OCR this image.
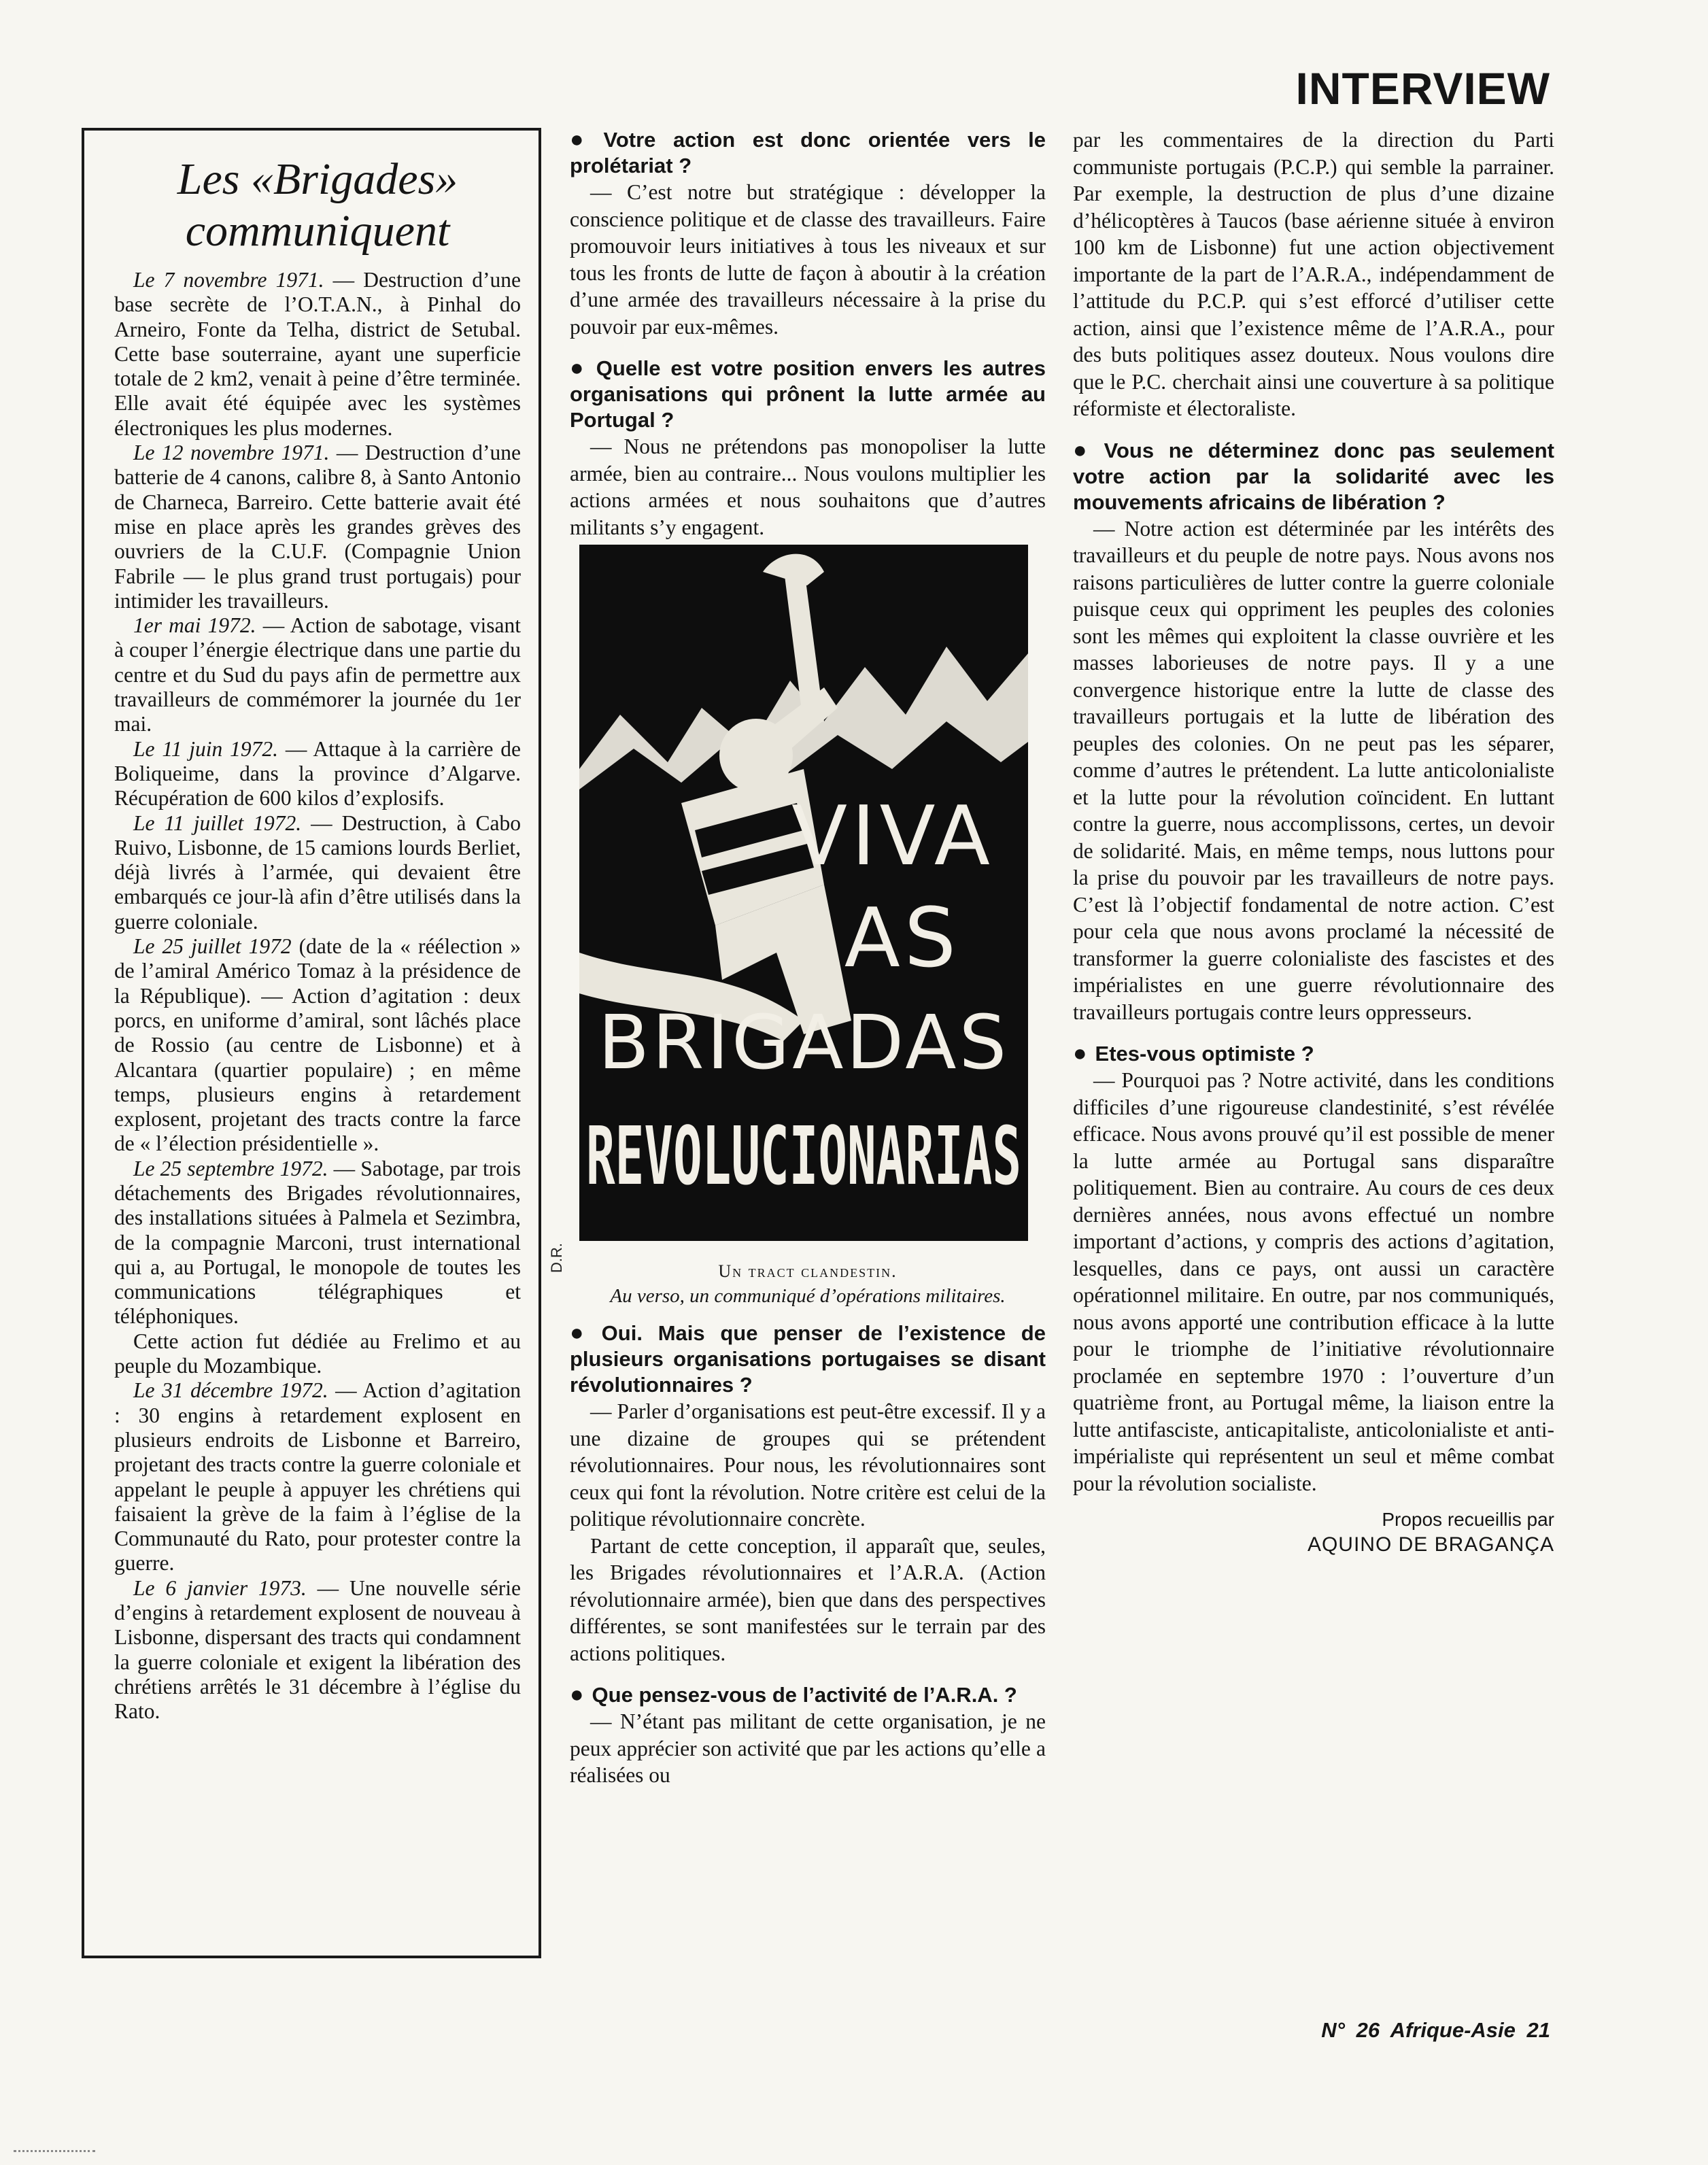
INTERVIEW
Les «Brigades»
communiquent

Le 7 novembre 1971. — Destruction d’une base secrète de l’O.T.A.N., à Pinhal do Arneiro, Fonte da Telha, district de Setubal. Cette base souterraine, ayant une superficie totale de 2 km2, venait à peine d’être terminée. Elle avait été équipée avec les systèmes électroniques les plus modernes.

Le 12 novembre 1971. — Destruction d’une batterie de 4 canons, calibre 8, à Santo Antonio de Charneca, Barreiro. Cette batterie avait été mise en place après les grandes grèves des ouvriers de la C.U.F. (Compagnie Union Fabrile — le plus grand trust portugais) pour intimider les travailleurs.

1er mai 1972. — Action de sabotage, visant à couper l’énergie électrique dans une partie du centre et du Sud du pays afin de permettre aux travailleurs de commémorer la journée du 1er mai.

Le 11 juin 1972. — Attaque à la carrière de Boliqueime, dans la province d’Algarve. Récupération de 600 kilos d’explosifs.

Le 11 juillet 1972. — Destruction, à Cabo Ruivo, Lisbonne, de 15 camions lourds Berliet, déjà livrés à l’armée, qui devaient être embarqués ce jour-là afin d’être utilisés dans la guerre coloniale.

Le 25 juillet 1972 (date de la « réélection » de l’amiral Américo Tomaz à la présidence de la République). — Action d’agitation : deux porcs, en uniforme d’amiral, sont lâchés place de Rossio (au centre de Lisbonne) et à Alcantara (quartier populaire) ; en même temps, plusieurs engins à retardement explosent, projetant des tracts contre la farce de « l’élection présidentielle ».

Le 25 septembre 1972. — Sabotage, par trois détachements des Brigades révolutionnaires, des installations situées à Palmela et Sezimbra, de la compagnie Marconi, trust international qui a, au Portugal, le monopole de toutes les communications télégraphiques et téléphoniques.

Cette action fut dédiée au Frelimo et au peuple du Mozambique.

Le 31 décembre 1972. — Action d’agitation : 30 engins à retardement explosent en plusieurs endroits de Lisbonne et Barreiro, projetant des tracts contre la guerre coloniale et appelant le peuple à appuyer les chrétiens qui faisaient la grève de la faim à l’église de la Communauté du Rato, pour protester contre la guerre.

Le 6 janvier 1973. — Une nouvelle série d’engins à retardement explosent de nouveau à Lisbonne, dispersant des tracts qui condamnent la guerre coloniale et exigent la libération des chrétiens arrêtés le 31 décembre à l’église du Rato.

● Votre action est donc orientée vers le prolétariat ?

— C’est notre but stratégique : développer la conscience politique et de classe des travailleurs. Faire promouvoir leurs initiatives à tous les niveaux et sur tous les fronts de lutte de façon à aboutir à la création d’une armée des travailleurs nécessaire à la prise du pouvoir par eux-mêmes.

● Quelle est votre position envers les autres organisations qui prônent la lutte armée au Portugal ?

— Nous ne prétendons pas monopoliser la lutte armée, bien au contraire... Nous voulons multiplier les actions armées et nous souhaitons que d’autres militants s’y engagent.

VIVA
AS
BRIGADAS
REVOLUCIONARIAS

Un tract clandestin.

Au verso, un communiqué d’opérations militaires.

● Oui. Mais que penser de l’existence de plusieurs organisations portugaises se disant révolutionnaires ?

— Parler d’organisations est peut-être excessif. Il y a une dizaine de groupes qui se prétendent révolutionnaires. Pour nous, les révolutionnaires sont ceux qui font la révolution. Notre critère est celui de la politique révolutionnaire concrète.

Partant de cette conception, il apparaît que, seules, les Brigades révolutionnaires et l’A.R.A. (Action révolutionnaire armée), bien que dans des perspectives différentes, se sont manifestées sur le terrain par des actions politiques.

● Que pensez-vous de l’activité de l’A.R.A. ?

— N’étant pas militant de cette organisation, je ne peux apprécier son activité que par les actions qu’elle a réalisées ou

D.R.

par les commentaires de la direction du Parti communiste portugais (P.C.P.) qui semble la parrainer. Par exemple, la destruction de plus d’une dizaine d’hélicoptères à Taucos (base aérienne située à environ 100 km de Lisbonne) fut une action objectivement importante de la part de l’A.R.A., indépendamment de l’attitude du P.C.P. qui s’est efforcé d’utiliser cette action, ainsi que l’existence même de l’A.R.A., pour des buts politiques assez douteux. Nous voulons dire que le P.C. cherchait ainsi une couverture à sa politique réformiste et électoraliste.

● Vous ne déterminez donc pas seulement votre action par la solidarité avec les mouvements africains de libération ?

— Notre action est déterminée par les intérêts des travailleurs et du peuple de notre pays. Nous avons nos raisons particulières de lutter contre la guerre coloniale puisque ceux qui oppriment les peuples des colonies sont les mêmes qui exploitent la classe ouvrière et les masses laborieuses de notre pays. Il y a une convergence historique entre la lutte de classe des travailleurs portugais et la lutte de libération des peuples des colonies. On ne peut pas les séparer, comme d’autres le prétendent. La lutte anticolonialiste et la lutte pour la révolution coïncident. En luttant contre la guerre, nous accomplissons, certes, un devoir de solidarité. Mais, en même temps, nous luttons pour la prise du pouvoir par les travailleurs de notre pays. C’est là l’objectif fondamental de notre action. C’est pour cela que nous avons proclamé la nécessité de transformer la guerre colonialiste des fascistes et des impérialistes en une guerre révolutionnaire des travailleurs portugais contre leurs oppresseurs.

● Etes-vous optimiste ?

— Pourquoi pas ? Notre activité, dans les conditions difficiles d’une rigoureuse clandestinité, s’est révélée efficace. Nous avons prouvé qu’il est possible de mener la lutte armée au Portugal sans disparaître politiquement. Bien au contraire. Au cours de ces deux dernières années, nous avons effectué un nombre important d’actions, y compris des actions d’agitation, lesquelles, dans ce pays, ont aussi un caractère opérationnel militaire. En outre, par nos communiqués, nous avons apporté une contribution efficace à la lutte pour le triomphe de l’initiative révolutionnaire proclamée en septembre 1970 : l’ouverture d’un quatrième front, au Portugal même, la liaison entre la lutte antifasciste, anticapitaliste, anticolonialiste et anti-impérialiste qui représentent un seul et même combat pour la révolution socialiste.

Propos recueillis par

AQUINO DE BRAGANÇA

N° 26 Afrique-Asie 21
